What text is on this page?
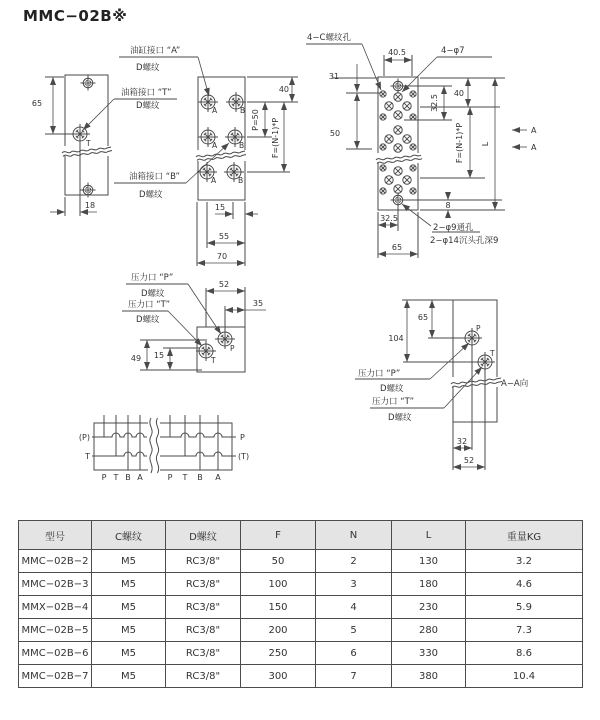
MMC−02B※
T
65
18
A	B
A	B
A	B
油缸接口 “A”
D螺纹
油箱接口 “T”
D螺纹
油箱接口 “B”
D螺纹
40
P=50 F=(N-1)*P
15
55
70
4−C螺纹孔
40.5	4−φ7
31
50
40
32.5
F=(N-1)*P L
A
A
8
2−φ9通孔
2−φ14沉头孔深9
32.5
65
P
T
压力口 “P”
D螺纹
压力口 “T”
D螺纹
52
35
49 15
P
T
65
104
压力口 “P”
D螺纹
压力口 “T”
D螺纹
A−A向
32
52
(P)
T
P
(T)
P T B A	P T B A
型号	C螺纹	D螺纹	F	N	L	重量KG
MMC−02B−2	M5	RC3/8"	50	2	130	3.2
MMC−02B−3	M5	RC3/8"	100	3	180	4.6
MMX−02B−4	M5	RC3/8"	150	4	230	5.9
MMC−02B−5	M5	RC3/8"	200	5	280	7.3
MMC−02B−6	M5	RC3/8"	250	6	330	8.6
MMC−02B−7	M5	RC3/8"	300	7	380	10.4
